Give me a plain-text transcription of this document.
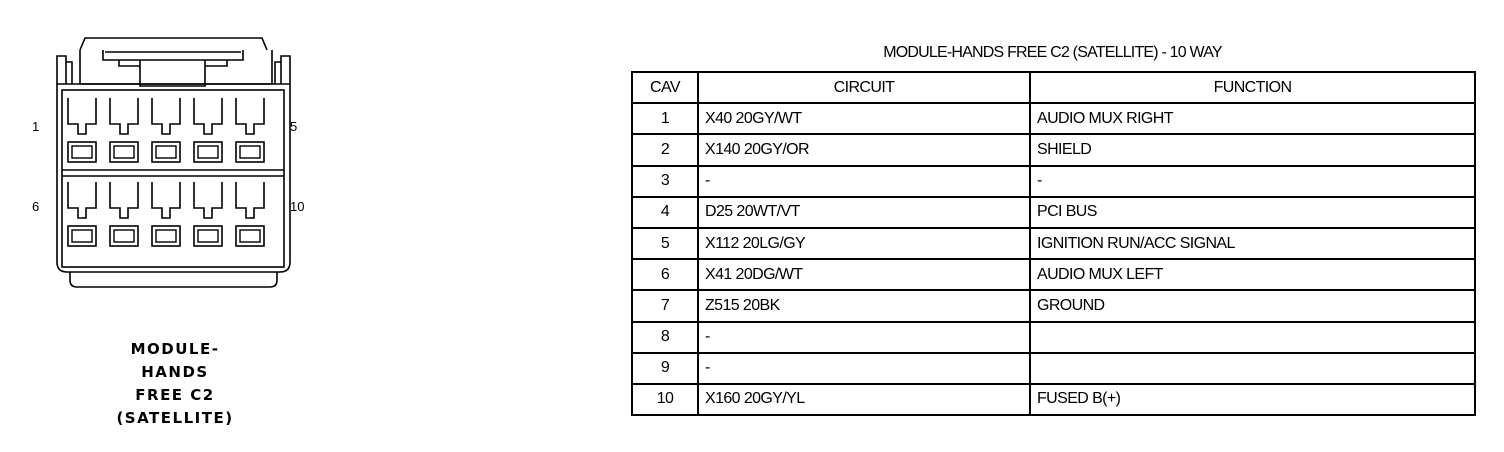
1	5
6	10
MODULE-
HANDS
FREE C2
(SATELLITE)
MODULE-HANDS FREE C2 (SATELLITE) - 10 WAY
CAV	CIRCUIT	FUNCTION
1	X40 20GY/WT	AUDIO MUX RIGHT
2	X140 20GY/OR	SHIELD
3	-	-
4	D25 20WT/VT	PCI BUS
5	X112 20LG/GY	IGNITION RUN/ACC SIGNAL
6	X41 20DG/WT	AUDIO MUX LEFT
7	Z515 20BK	GROUND
8	-	
9	-	
10	X160 20GY/YL	FUSED B(+)
